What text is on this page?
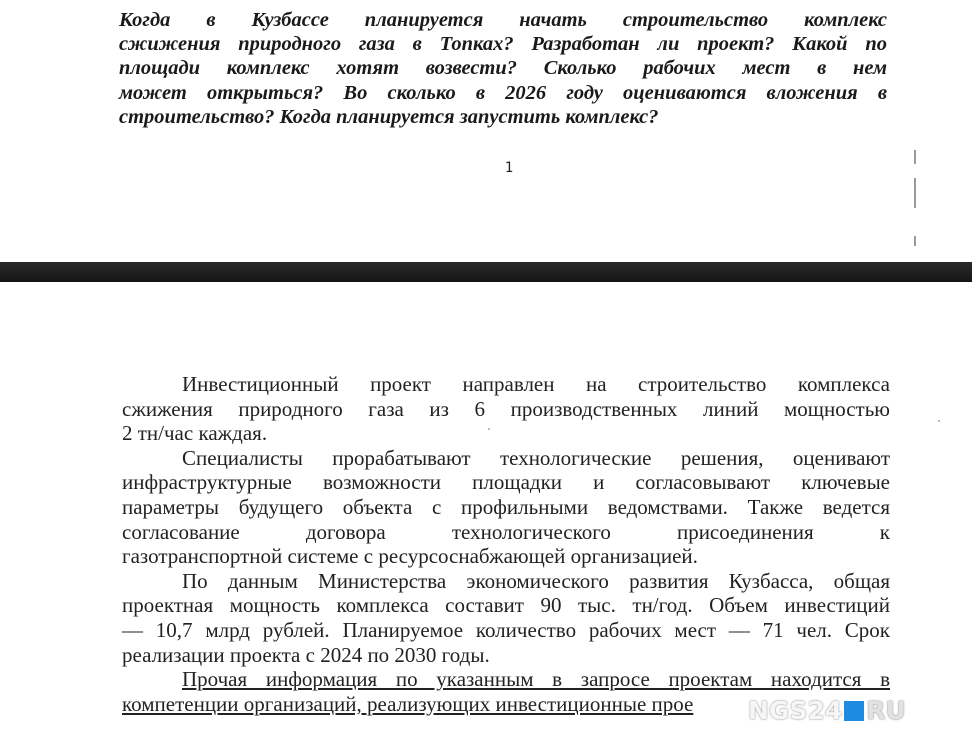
Когда в Кузбассе планируется начать строительство комплекс
сжижения природного газа в Топках? Разработан ли проект? Какой по
площади комплекс хотят возвести? Сколько рабочих мест в нем
может открыться? Во сколько в 2026 году оцениваются вложения в
строительство? Когда планируется запустить комплекс?
1
Инвестиционный проект направлен на строительство комплекса
сжижения природного газа из 6 производственных линий мощностью
2 тн/час каждая.
Специалисты прорабатывают технологические решения, оценивают
инфраструктурные возможности площадки и согласовывают ключевые
параметры будущего объекта с профильными ведомствами. Также ведется
согласование договора технологического присоединения к
газотранспортной системе с ресурсоснабжающей организацией.
По данным Министерства экономического развития Кузбасса, общая
проектная мощность комплекса составит 90 тыс. тн/год. Объем инвестиций
— 10,7 млрд рублей. Планируемое количество рабочих мест — 71 чел. Срок
реализации проекта с 2024 по 2030 годы.
Прочая информация по указанным в запросе проектам находится в
компетенции организаций, реализующих инвестиционные прое	NGS24 RU
